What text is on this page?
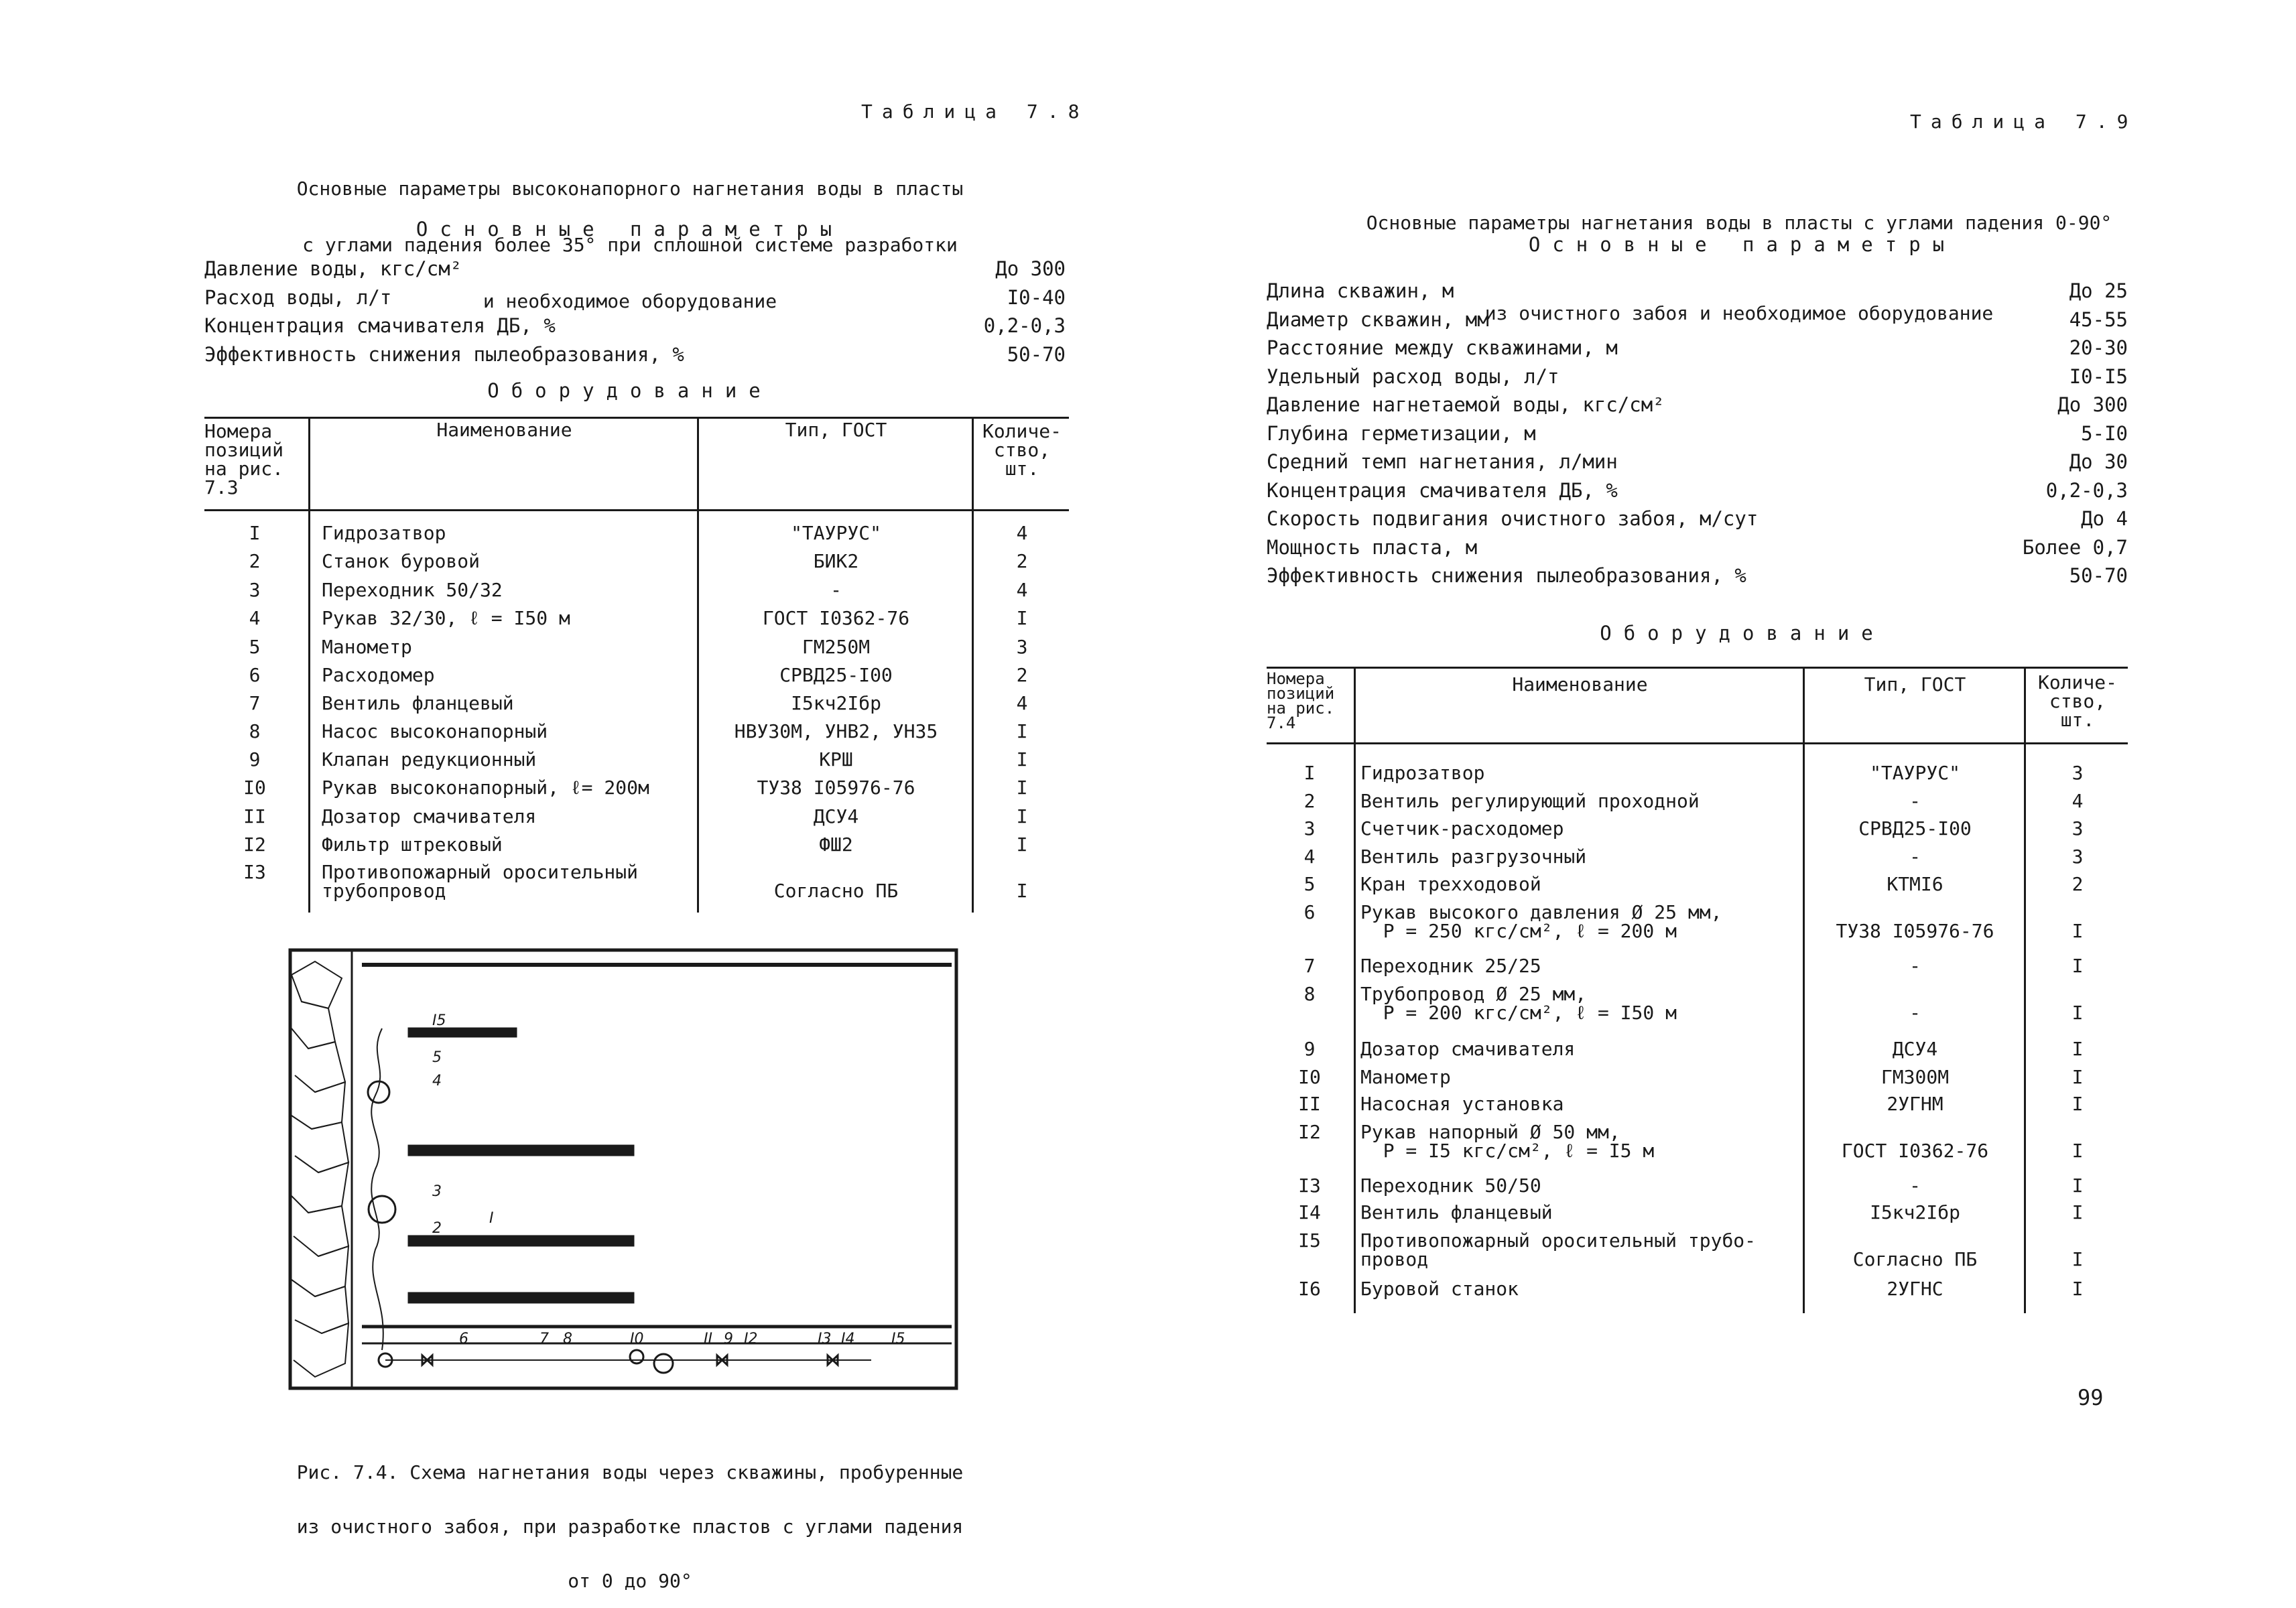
Таблица 7.8

Основные параметры высоконапорного нагнетания воды в пласты

с углами падения более 35° при сплошной системе разработки

и необходимое оборудование

Основные параметры
Давление воды, кгс/см²	До 300
Расход воды, л/т	I0-40
Концентрация смачивателя ДБ, %	0,2-0,3
Эффективность снижения пылеобразования, %	50-70
Оборудование
Номера
позиций
на рис.
7.3
Наименование	Тип, ГОСТ	Количе-
ство,
шт.
I	Гидрозатвор	"ТАУРУС"	4
2	Станок буровой	БИК2	2
3	Переходник 50/32	-	4
4	Рукав 32/30, ℓ = I50 м	ГОСТ I0362-76	I
5	Манометр	ГМ250М	3
6	Расходомер	СРВД25-I00	2
7	Вентиль фланцевый	I5кч2Iбр	4
8	Насос высоконапорный	НВУ30М, УНВ2, УН35	I
9	Клапан редукционный	КРШ	I
I0	Рукав высоконапорный, ℓ= 200м	ТУ38 I05976-76	I
II	Дозатор смачивателя	ДСУ4	I
I2	Фильтр штрековый	ФШ2	I
I3	Противопожарный оросительный
трубопровод	Согласно ПБ	I
I5
5
4
3
2
I
6	7 8	I0	II 9 I2	I3 I4 I5

Рис. 7.4. Схема нагнетания воды через скважины, пробуренные

из очистного забоя, при разработке пластов с углами падения

от 0 до 90°

Таблица 7.9

Основные параметры нагнетания воды в пласты с углами падения 0-90°

из очистного забоя и необходимое оборудование

Основные параметры
Длина скважин, м	До 25
Диаметр скважин, мм	45-55
Расстояние между скважинами, м	20-30
Удельный расход воды, л/т	I0-I5
Давление нагнетаемой воды, кгс/см²	До 300
Глубина герметизации, м	5-I0
Средний темп нагнетания, л/мин	До 30
Концентрация смачивателя ДБ, %	0,2-0,3
Скорость подвигания очистного забоя, м/сут	До 4
Мощность пласта, м	Более 0,7
Эффективность снижения пылеобразования, %	50-70
Оборудование
Номера
позиций
на рис.
7.4
Наименование	Тип, ГОСТ	Количе-
ство,
шт.
I	Гидрозатвор	"ТАУРУС"	3
2	Вентиль регулирующий проходной	-	4
3	Счетчик-расходомер	СРВД25-I00	3
4	Вентиль разгрузочный	-	3
5	Кран трехходовой	КТМI6	2
6	Рукав высокого давления Ø 25 мм,
P = 250 кгс/см², ℓ = 200 м	ТУ38 I05976-76	I
7	Переходник 25/25	-	I
8	Трубопровод Ø 25 мм,
P = 200 кгс/см², ℓ = I50 м	-	I
9	Дозатор смачивателя	ДСУ4	I
I0	Манометр	ГМ300М	I
II	Насосная установка	2УГНМ	I
I2	Рукав напорный Ø 50 мм,
P = I5 кгс/см², ℓ = I5 м	ГОСТ I0362-76	I
I3	Переходник 50/50	-	I
I4	Вентиль фланцевый	I5кч2Iбр	I
I5	Противопожарный оросительный трубо-
провод	Согласно ПБ	I
I6	Буровой станок	2УГНС	I
99
